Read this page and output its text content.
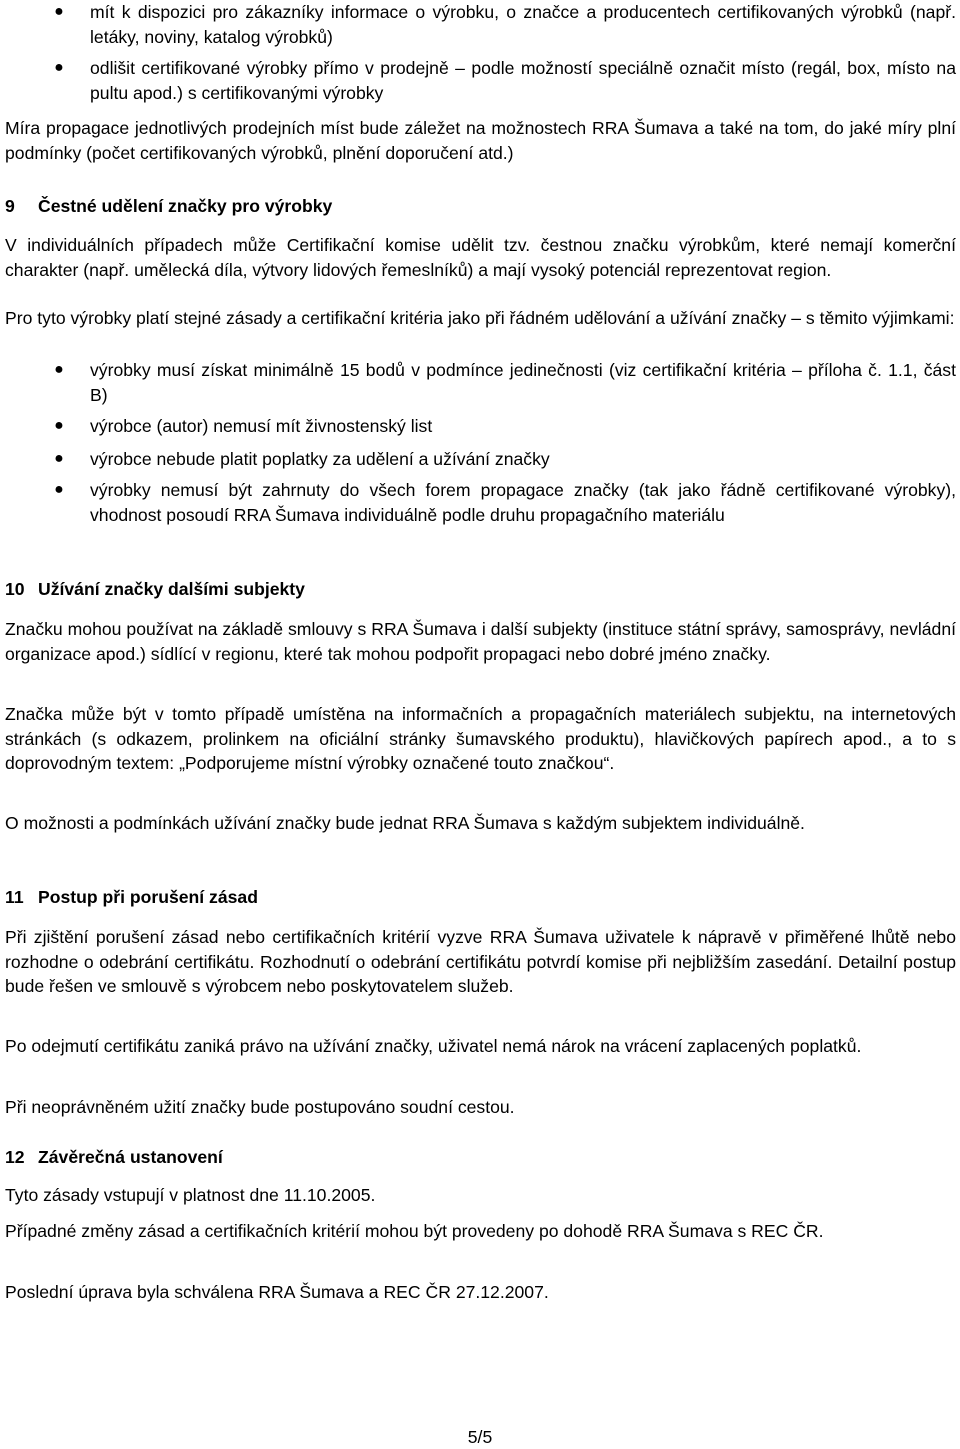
● mít k dispozici pro zákazníky informace o výrobku, o značce a producentech certifikovaných výrobků (např. letáky, noviny, katalog výrobků)

● odlišit certifikované výrobky přímo v prodejně – podle možností speciálně označit místo (regál, box, místo na pultu apod.) s certifikovanými výrobky

Míra propagace jednotlivých prodejních míst bude záležet na možnostech RRA Šumava a také na tom, do jaké míry plní podmínky (počet certifikovaných výrobků, plnění doporučení atd.)

9 Čestné udělení značky pro výrobky

V individuálních případech může Certifikační komise udělit tzv. čestnou značku výrobkům, které nemají komerční charakter (např. umělecká díla, výtvory lidových řemeslníků) a mají vysoký potenciál reprezentovat region.

Pro tyto výrobky platí stejné zásady a certifikační kritéria jako při řádném udělování a užívání značky – s těmito výjimkami:

● výrobky musí získat minimálně 15 bodů v podmínce jedinečnosti (viz certifikační kritéria – příloha č. 1.1, část B)

● výrobce (autor) nemusí mít živnostenský list

● výrobce nebude platit poplatky za udělení a užívání značky

● výrobky nemusí být zahrnuty do všech forem propagace značky (tak jako řádně certifikované výrobky), vhodnost posoudí RRA Šumava individuálně podle druhu propagačního materiálu

10 Užívání značky dalšími subjekty

Značku mohou používat na základě smlouvy s RRA Šumava i další subjekty (instituce státní správy, samosprávy, nevládní organizace apod.) sídlící v regionu, které tak mohou podpořit propagaci nebo dobré jméno značky.

Značka může být v tomto případě umístěna na informačních a propagačních materiálech subjektu, na internetových stránkách (s odkazem, prolinkem na oficiální stránky šumavského produktu), hlavičkových papírech apod., a to s doprovodným textem: „Podporujeme místní výrobky označené touto značkou“.

O možnosti a podmínkách užívání značky bude jednat RRA Šumava s každým subjektem individuálně.

11 Postup při porušení zásad

Při zjištění porušení zásad nebo certifikačních kritérií vyzve RRA Šumava uživatele k nápravě v přiměřené lhůtě nebo rozhodne o odebrání certifikátu. Rozhodnutí o odebrání certifikátu potvrdí komise při nejbližším zasedání. Detailní postup bude řešen ve smlouvě s výrobcem nebo poskytovatelem služeb.

Po odejmutí certifikátu zaniká právo na užívání značky, uživatel nemá nárok na vrácení zaplacených poplatků.

Při neoprávněném užití značky bude postupováno soudní cestou.

12 Závěrečná ustanovení

Tyto zásady vstupují v platnost dne 11.10.2005.

Případné změny zásad a certifikačních kritérií mohou být provedeny po dohodě RRA Šumava s REC ČR.

Poslední úprava byla schválena RRA Šumava a REC ČR 27.12.2007.

5/5
